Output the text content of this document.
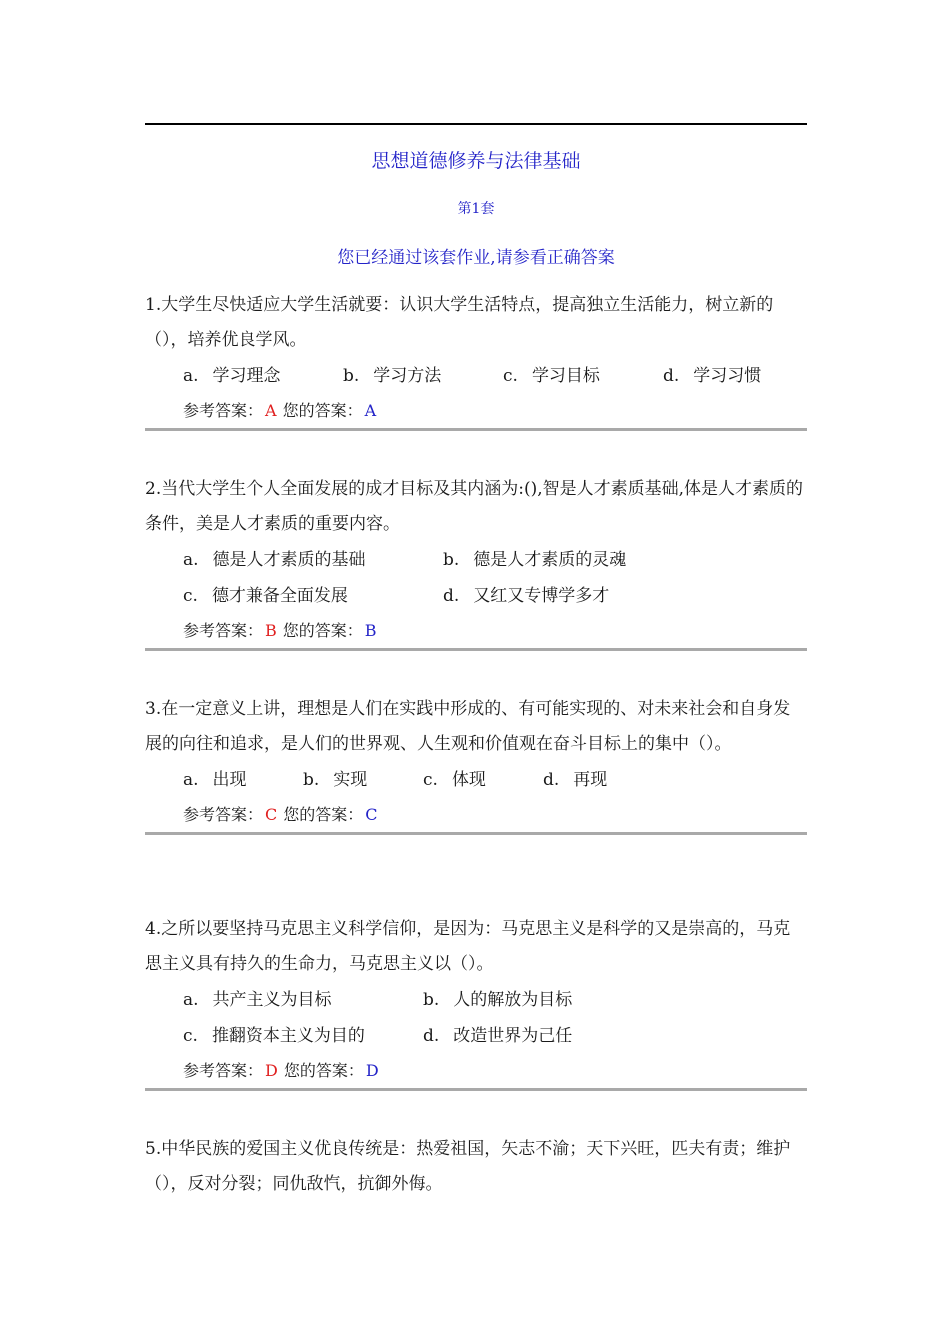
思想道德修养与法律基础
第1套
您已经通过该套作业,请参看正确答案

1.大学生尽快适应大学生活就要：认识大学生活特点，提高独立生活能力，树立新的（），培养优良学风。

a. 学习理念	b. 学习方法	c. 学习目标	d. 学习习惯
参考答案： A 您的答案： A

2.当代大学生个人全面发展的成才目标及其内涵为:(),智是人才素质基础,体是人才素质的条件，美是人才素质的重要内容。

a. 德是人才素质的基础	b. 德是人才素质的灵魂
c. 德才兼备全面发展	d. 又红又专博学多才
参考答案： B 您的答案： B

3.在一定意义上讲，理想是人们在实践中形成的、有可能实现的、对未来社会和自身发展的向往和追求，是人们的世界观、人生观和价值观在奋斗目标上的集中（）。

a. 出现	b. 实现	c. 体现	d. 再现
参考答案： C 您的答案： C

4.之所以要坚持马克思主义科学信仰，是因为：马克思主义是科学的又是崇高的，马克思主义具有持久的生命力，马克思主义以（）。

a. 共产主义为目标	b. 人的解放为目标
c. 推翻资本主义为目的	d. 改造世界为己任
参考答案： D 您的答案： D

5.中华民族的爱国主义优良传统是：热爱祖国，矢志不渝；天下兴旺，匹夫有责；维护（），反对分裂；同仇敌忾，抗御外侮。
